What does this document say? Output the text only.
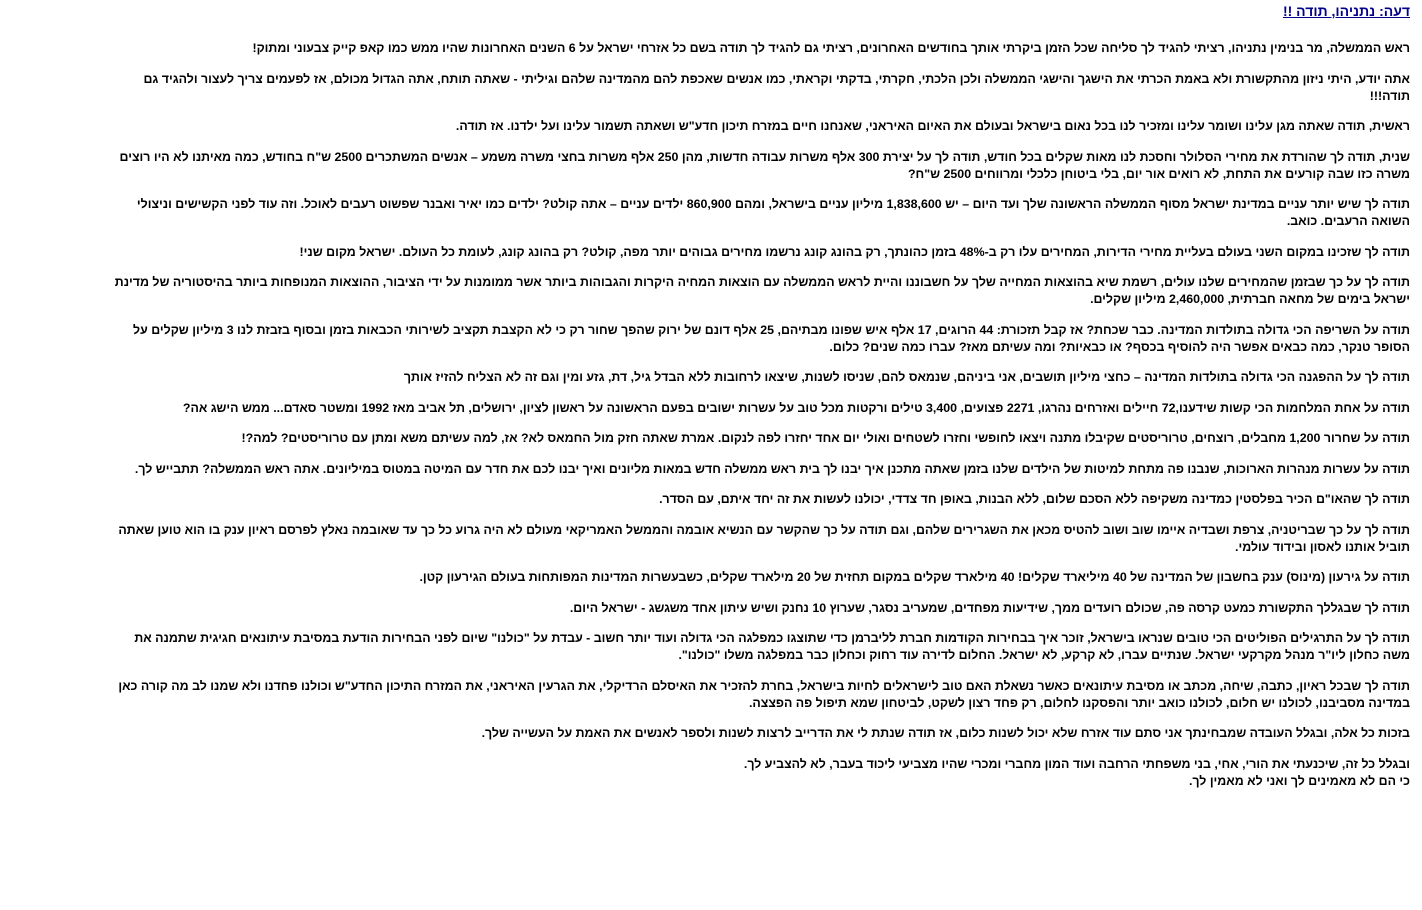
דעה: נתניהו, תודה !!

ראש הממשלה, מר בנימין נתניהו, רציתי להגיד לך סליחה שכל הזמן ביקרתי אותך בחודשים האחרונים, רציתי גם להגיד לך תודה בשם כל אזרחי ישראל על 6 השנים האחרונות שהיו ממש כמו קאפ קייק צבעוני ומתוק!

אתה יודע, היתי ניזון מהתקשורת ולא באמת הכרתי את הישגך והישגי הממשלה ולכן הלכתי, חקרתי, בדקתי וקראתי, כמו אנשים שאכפת להם מהמדינה שלהם וגיליתי - שאתה תותח, אתה הגדול מכולם, אז לפעמים צריך לעצור ולהגיד גם תודה!!!

ראשית, תודה שאתה מגן עלינו ושומר עלינו ומזכיר לנו בכל נאום בישראל ובעולם את האיום האיראני, שאנחנו חיים במזרח תיכון חדע"ש ושאתה תשמור עלינו ועל ילדנו. אז תודה.

שנית, תודה לך שהורדת את מחירי הסלולר וחסכת לנו מאות שקלים בכל חודש, תודה לך על יצירת 300 אלף משרות עבודה חדשות, מהן 250 אלף משרות בחצי משרה משמע – אנשים המשתכרים 2500 ש"ח בחודש, כמה מאיתנו לא היו רוצים משרה כזו שבה קורעים את התחת, לא רואים אור יום, בלי ביטוחן כלכלי ומרווחים 2500 ש"ח?

תודה לך שיש יותר עניים במדינת ישראל מסוף הממשלה הראשונה שלך ועד היום – יש 1,838,600 מיליון עניים בישראל, ומהם 860,900 ילדים עניים – אתה קולט? ילדים כמו יאיר ואבנר שפשוט רעבים לאוכל. וזה עוד לפני הקשישים וניצולי השואה הרעבים. כואב.

תודה לך שזכינו במקום השני בעולם בעליית מחירי הדירות, המחירים עלו רק ב-48% בזמן כהונתך, רק בהונג קונג נרשמו מחירים גבוהים יותר מפה, קולט? רק בהונג קונג, לעומת כל העולם. ישראל מקום שני!

תודה לך על כך שבזמן שהמחירים שלנו עולים, רשמת שיא בהוצאות המחייה שלך על חשבוננו והיית לראש הממשלה עם הוצאות המחיה היקרות והגבוהות ביותר אשר ממומנות על ידי הציבור, ההוצאות המנופחות ביותר בהיסטוריה של מדינת ישראל בימים של מחאה חברתית, 2,460,000 מיליון שקלים.

תודה על השריפה הכי גדולה בתולדות המדינה. כבר שכחת? אז קבל תזכורת: 44 הרוגים, 17 אלף איש שפונו מבתיהם, 25 אלף דונם של ירוק שהפך שחור רק כי לא הקצבת תקציב לשירותי הכבאות בזמן ובסוף בזבזת לנו 3 מיליון שקלים על הסופר טנקר, כמה כבאים אפשר היה להוסיף בכסף? או כבאיות? ומה עשיתם מאז? עברו כמה שנים? כלום.

תודה לך על ההפגנה הכי גדולה בתולדות המדינה – כחצי מיליון תושבים, אני ביניהם, שנמאס להם, שניסו לשנות, שיצאו לרחובות ללא הבדל גיל, דת, גזע ומין וגם זה לא הצליח להזיז אותך

תודה על אחת המלחמות הכי קשות שידענו,72 חיילים ואזרחים נהרגו, 2271 פצועים, 3,400 טילים ורקטות מכל טוב על עשרות ישובים בפעם הראשונה על ראשון לציון, ירושלים, תל אביב מאז 1992 ומשטר סאדם... ממש הישג אה?

תודה על שחרור 1,200 מחבלים, רוצחים, טרוריסטים שקיבלו מתנה ויצאו לחופשי וחזרו לשטחים ואולי יום אחד יחזרו לפה לנקום. אמרת שאתה חזק מול החמאס לא? אז, למה עשיתם משא ומתן עם טרוריסטים? למה?!

תודה על עשרות מנהרות הארוכות, שנבנו פה מתחת למיטות של הילדים שלנו בזמן שאתה מתכנן איך יבנו לך בית ראש ממשלה חדש במאות מליונים ואיך יבנו לכם את חדר עם המיטה במטוס במיליונים. אתה ראש הממשלה? תתבייש לך.

תודה לך שהאו"ם הכיר בפלסטין כמדינה משקיפה ללא הסכם שלום, ללא הבנות, באופן חד צדדי, יכולנו לעשות את זה יחד איתם, עם הסדר.

תודה לך על כך שבריטניה, צרפת ושבדיה איימו שוב ושוב להטיס מכאן את השגרירים שלהם, וגם תודה על כך שהקשר עם הנשיא אובמה והממשל האמריקאי מעולם לא היה גרוע כל כך עד שאובמה נאלץ לפרסם ראיון ענק בו הוא טוען שאתה תוביל אותנו לאסון ובידוד עולמי.

תודה על גירעון (מינוס) ענק בחשבון של המדינה של 40 מיליארד שקלים! 40 מילארד שקלים במקום תחזית של 20 מילארד שקלים, כשבעשרות המדינות המפותחות בעולם הגירעון קטן.

תודה לך שבגללך התקשורת כמעט קרסה פה, שכולם רועדים ממך, שידיעות מפחדים, שמעריב נסגר, שערוץ 10 נחנק ושיש עיתון אחד משגשג - ישראל היום.

תודה לך על התרגילים הפוליטים הכי טובים שנראו בישראל, זוכר איך בבחירות הקודמות חברת לליברמן כדי שתוצגו כמפלגה הכי גדולה ועוד יותר חשוב - עבדת על "כולנו" שיום לפני הבחירות הודעת במסיבת עיתונאים חגיגית שתמנה את משה כחלון ליו"ר מנהל מקרקעי ישראל. שנתיים עברו, לא קרקע, לא ישראל. החלום לדירה עוד רחוק וכחלון כבר במפלגה משלו "כולנו".

תודה לך שבכל ראיון, כתבה, שיחה, מכתב או מסיבת עיתונאים כאשר נשאלת האם טוב לישראלים לחיות בישראל, בחרת להזכיר את האיסלם הרדיקלי, את הגרעין האיראני, את המזרח התיכון החדע"ש וכולנו פחדנו ולא שמנו לב מה קורה כאן במדינה מסביבנו, לכולנו יש חלום, לכולנו כואב יותר והפסקנו לחלום, רק פחד רצון לשקט, לביטחון שמא תיפול פה הפצצה.

בזכות כל אלה, ובגלל העובדה שמבחינתך אני סתם עוד אזרח שלא יכול לשנות כלום, אז תודה שנתת לי את הדרייב לרצות לשנות ולספר לאנשים את האמת על העשייה שלך.

ובגלל כל זה, שיכנעתי את הורי, אחי, בני משפחתי הרחבה ועוד המון מחברי ומכרי שהיו מצביעי ליכוד בעבר, לא להצביע לך.
כי הם לא מאמינים לך ואני לא מאמין לך.
